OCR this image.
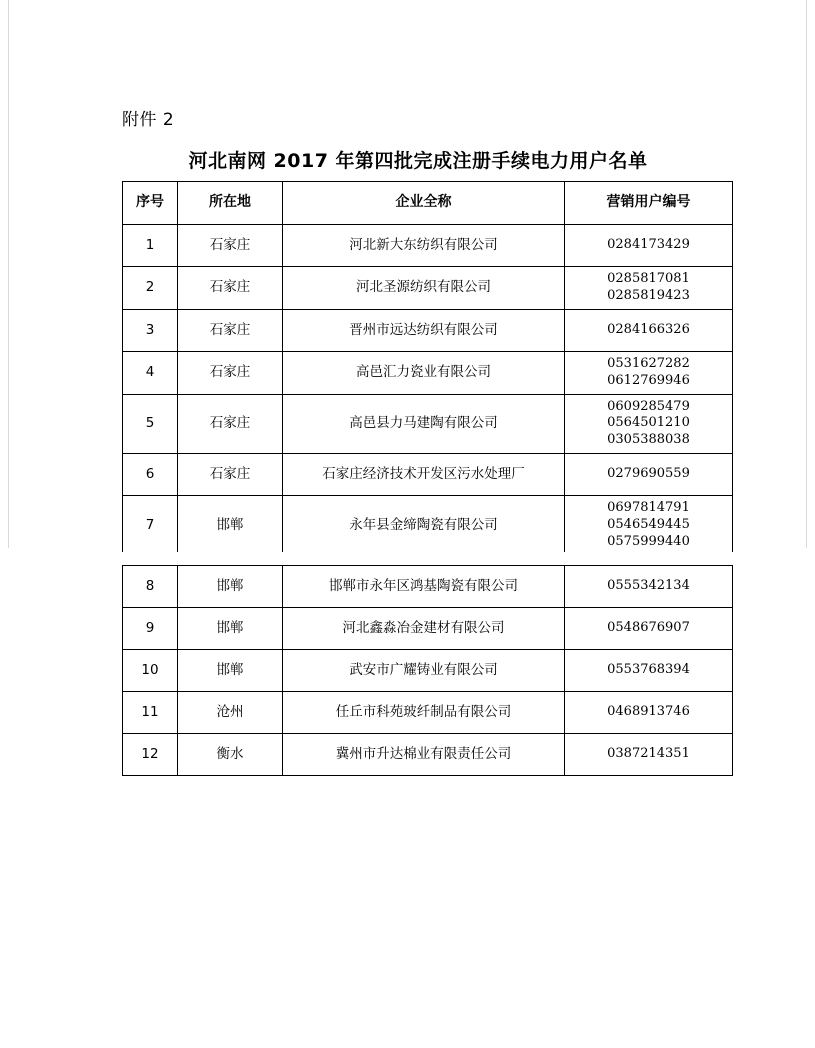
附件 2
河北南网 2017 年第四批完成注册手续电力用户名单
序号	所在地	企业全称	营销用户编号
1	石家庄	河北新大东纺织有限公司	0284173429

2	石家庄	河北圣源纺织有限公司	0285817081
0285819423

3	石家庄	晋州市远达纺织有限公司	0284166326

4	石家庄	高邑汇力瓷业有限公司	0531627282
0612769946

5	石家庄	高邑县力马建陶有限公司	0609285479
0564501210
0305388038

6	石家庄	石家庄经济技术开发区污水处理厂	0279690559

7	邯郸	永年县金缔陶瓷有限公司	0697814791
0546549445
0575999440
8	邯郸	邯郸市永年区鸿基陶瓷有限公司	0555342134

9	邯郸	河北鑫淼冶金建材有限公司	0548676907

10	邯郸	武安市广耀铸业有限公司	0553768394

11	沧州	任丘市科苑玻纤制品有限公司	0468913746

12	衡水	冀州市升达棉业有限责任公司	0387214351
